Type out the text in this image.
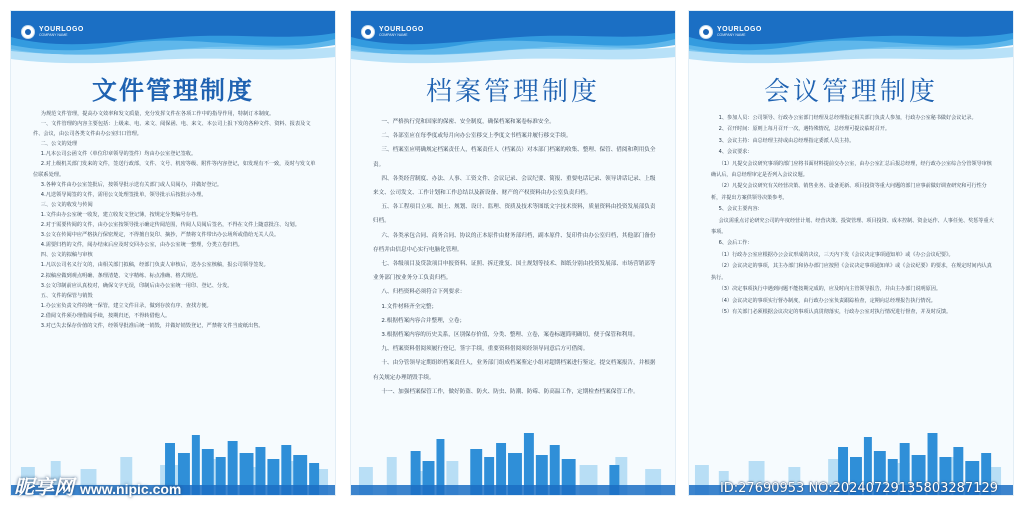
YOURLOGO
COMPANY NAME
文件管理制度

为规范文件管理，提高办文效率和发文质量，充分发挥文件在各项工作中的指导作用，特制订本制度。

一、文件管理的内容主要包括：上级来、电、来文、阅保函、电、来文、本公司上报下发的各种文件、资料、报表及文件、会议，由公司各类文件由办公室归口管理。

二、公文的处理

1.凡本公司公函文件（单位印章领导的签件）均由办公室登记签收。

2.对上级机关部门发来的文件，签送行政部，文件、文号、机密等级、附件等内容登记，如发现有不一致，及时与发文单位联系处理。

3.各种文件由办公室签批后，按领导批示送有关部门或人员阅办，并做好登记。

4.凡送领导阅签的文件，需用公文处理签批单，领导批示后按批示办理。

三、公文的收发与传阅

1.文件由办公室统一收发，建立收发文登记簿，按规定分类编号存档。

2.对于需要传阅的文件，由办公室按领导批示确定传阅范围，传阅人员阅后签名，不得在文件上随意批注、勾划。

3.公文在传阅中应严格执行保密规定，不得擅自复印、摘抄，严禁将文件带出办公场所或借给无关人员。

4.需要归档的文件，阅办结束后应及时交回办公室，由办公室统一整理，分类立卷归档。

四、公文的拟稿与审核

1.凡以公司名义行文的，由相关部门拟稿，经部门负责人审核后，送办公室核稿，报公司领导签发。

2.拟稿应做到观点明确、条理清楚、文字精练、标点准确、格式规范。

3.公文印制前应认真校对，确保文字无误，印制后由办公室统一用印、登记、分发。

五、文件的保管与销毁

1.办公室负责文件的统一保管，建立文件目录，做到存放有序、查找方便。

2.借阅文件须办理借阅手续，按期归还，不得转借他人。

3.对已失去保存价值的文件，经领导批准后统一销毁，并做好销毁登记，严禁将文件当废纸出售。

YOURLOGO
COMPANY NAME
档案管理制度

一、严格执行党和国家的保密、安全制度，确保档案和案卷标准安全。

二、各部室应在每季度或每月向办公室移交上季度文书档案并履行移交手续。

三、档案室应明确规定档案责任人，档案责任人（档案员）对本部门档案的收集、整理、保管、借阅和利用负全责。

四、各类经营制度、办法、人事、工资文件、会议记录、会议纪要、简报、重要电话记录、领导讲话记录、上级来文、公司发文、工作计划和工作总结以及新设备、财产的产权资料由办公室负责归档。

五、各工程项目立项、图土、规划、设计、监理、资质及技术等图纸文字技术资料，质量资料由投资发展部负责归档。

六、各类承包合同、商务合同、协议的正本原件由财务部归档，副本原件、复印件由办公室归档，其他部门备份存档并由信息中心实行电脑化管理。

七、各级项目及贷款项目申报资料、证照、拆迁批复、国土规划等技术、图纸分别由投资发展部、市场营销部等业务部门按业务分工负责归档。

八、归档资料必须符合下列要求：

1.文件材料齐全完整；

2.根据档案内容合并整理，立卷；

3.根据档案内容的历史关系，区别保存价值，分类、整理、立卷，案卷标题简明确切，便于保管和利用。

九、档案资料借阅须履行登记，签字手续，重要资料借阅须经领导同意后方可借阅。

十、由分管领导定期组织档案责任人，业务部门组成档案鉴定小组对超期档案进行鉴定，提交档案报告，并根据有关规定办理销毁手续。

十一、加强档案保管工作，做好防盗、防火、防虫、防潮、防霉、防高温工作，定期检查档案保管工作。

YOURLOGO
COMPANY NAME
会议管理制度

1、参加人员：公司领导、行政办公室部门经理及总经理指定相关部门负责人参加，行政办公室秘书做好会议记录。

2、召开时间：原则上每月召开一次，遇特殊情况，总经理可提议临时召开。

3、会议主持：由总经理主持或由总经理指定委派人员主持。

4、会议要求：

（1）凡提交会议研究事项的部门应将书面材料提前交办公室，由办公室汇总后报总经理，经行政办公室综合分管领导审核确认后，由总经理审定是否列入会议议题。

（2）凡提交会议研究有关经营决策、销售业务、设备更新、项目投资等重大问题的部门应事前做好调查研究和可行性分析，并提出方案供领导决策参考。

5、会议主要内容：

会议需重点讨论研究公司的年度经营计划、经营决策、投资管理、项目投资、成本控制、资金运作、人事任免、奖惩等重大事项。

6、会后工作：

（1）行政办公室应根据办公会议形成的决议，三天内下发《会议决定事项通知单》或《办公会议纪要》。

（2）会议决定的事项，其主办部门和协办部门应按照《会议决定事项通知单》或《会议纪要》的要求，在规定时间内认真执行。

（3）决定事项执行中遇到问题不能按期完成的，应及时向主管领导报告，并由主办部门说明原因。

（4）会议决定的事项实行督办制度，由行政办公室负责跟踪检查，定期向总经理报告执行情况。

（5）有关部门必须根据会议决定的事项认真贯彻落实，行政办公室对执行情况进行督查，并及时反馈。

昵享网 www.nipic.com	ID:27690953 NO:20240729135803287129
